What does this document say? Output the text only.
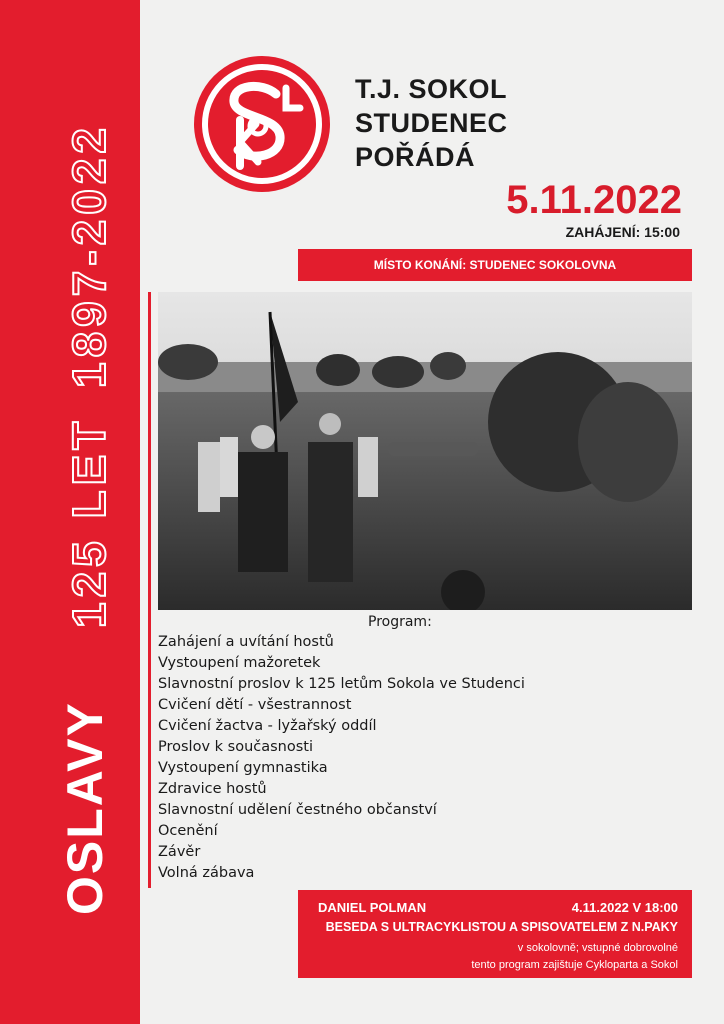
OSLAVY
125 LET
1897-2022
T.J. SOKOL
STUDENEC
POŘÁDÁ
5.11.2022
ZAHÁJENÍ: 15:00
MÍSTO KONÁNÍ: STUDENEC SOKOLOVNA
Program:
Zahájení a uvítání hostů
Vystoupení mažoretek
Slavnostní proslov k 125 letům Sokola ve Studenci
Cvičení dětí - všestrannost
Cvičení žactva - lyžařský oddíl
Proslov k současnosti
Vystoupení gymnastika
Zdravice hostů
Slavnostní udělení čestného občanství
Ocenění
Závěr
Volná zábava
DANIEL POLMAN	4.11.2022 V 18:00
BESEDA S ULTRACYKLISTOU A SPISOVATELEM Z N.PAKY
v sokolovně; vstupné dobrovolné
tento program zajištuje Cykloparta a Sokol
